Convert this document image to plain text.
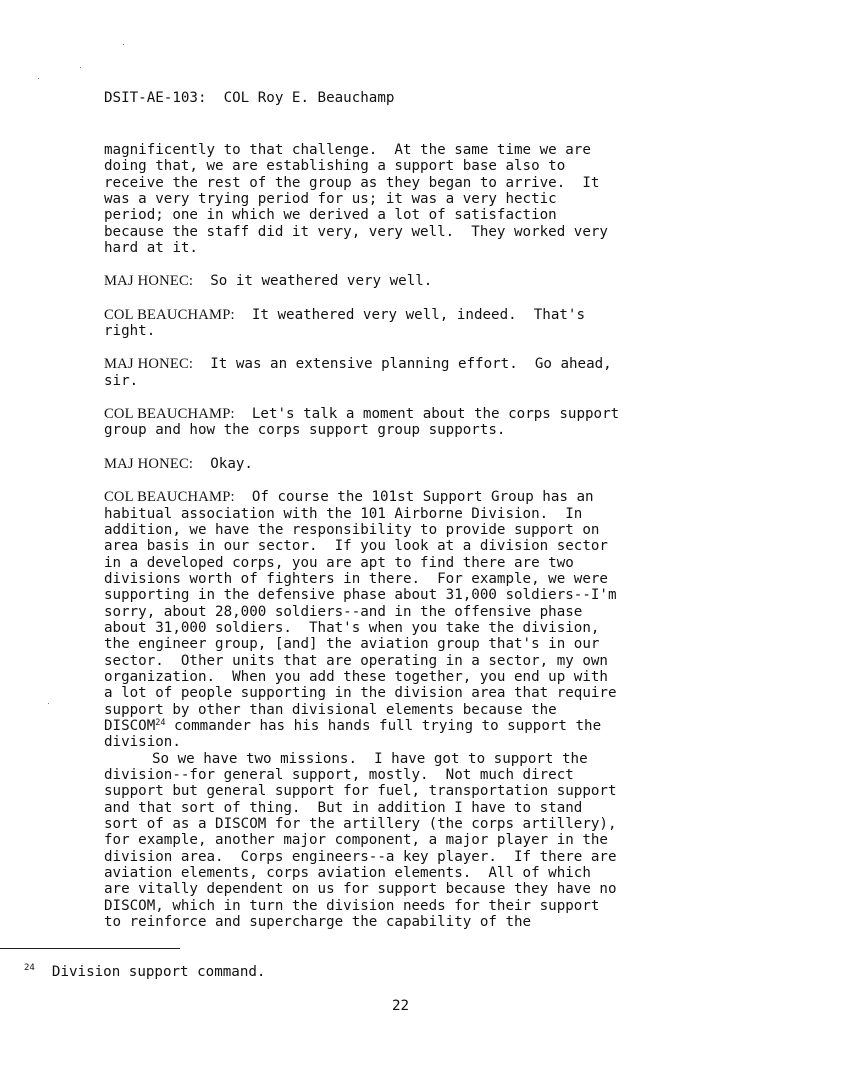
DSIT-AE-103: COL Roy E. Beauchamp
magnificently to that challenge.  At the same time we are
doing that, we are establishing a support base also to
receive the rest of the group as they began to arrive.  It
was a very trying period for us; it was a very hectic
period; one in which we derived a lot of satisfaction
because the staff did it very, very well.  They worked very
hard at it.
MAJ HONEC:  So it weathered very well.
COL BEAUCHAMP:  It weathered very well, indeed.  That's
right.
MAJ HONEC:  It was an extensive planning effort.  Go ahead,
sir.
COL BEAUCHAMP:  Let's talk a moment about the corps support
group and how the corps support group supports.
MAJ HONEC:  Okay.
COL BEAUCHAMP:  Of course the 101st Support Group has an
habitual association with the 101 Airborne Division.  In
addition, we have the responsibility to provide support on
area basis in our sector.  If you look at a division sector
in a developed corps, you are apt to find there are two
divisions worth of fighters in there.  For example, we were
supporting in the defensive phase about 31,000 soldiers--I'm
sorry, about 28,000 soldiers--and in the offensive phase
about 31,000 soldiers.  That's when you take the division,
the engineer group, [and] the aviation group that's in our
sector.  Other units that are operating in a sector, my own
organization.  When you add these together, you end up with
a lot of people supporting in the division area that require
support by other than divisional elements because the
DISCOM$^{24}$ commander has his hands full trying to support the
division.
So we have two missions.  I have got to support the
division--for general support, mostly.  Not much direct
support but general support for fuel, transportation support
and that sort of thing.  But in addition I have to stand
sort of as a DISCOM for the artillery (the corps artillery),
for example, another major component, a major player in the
division area.  Corps engineers--a key player.  If there are
aviation elements, corps aviation elements.  All of which
are vitally dependent on us for support because they have no
DISCOM, which in turn the division needs for their support
to reinforce and supercharge the capability of the
$^{24}$  Division support command.
22
